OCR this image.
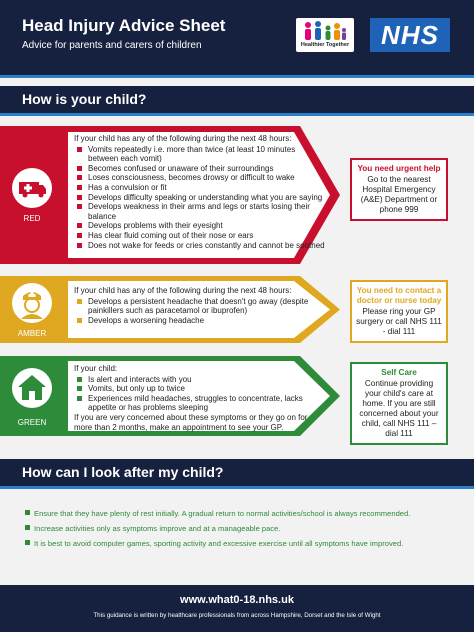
Head Injury Advice Sheet
Advice for parents and carers of children	Healthier Together	NHS
How is your child?
RED
If your child has any of the following during the next 48 hours:
Vomits repeatedly i.e. more than twice (at least 10 minutes between each vomit)
Becomes confused or unaware of their surroundings
Loses consciousness, becomes drowsy or difficult to wake
Has a convulsion or fit
Develops difficulty speaking or understanding what you are saying
Develops weakness in their arms and legs or starts losing their balance
Develops problems with their eyesight
Has clear fluid coming out of their nose or ears
Does not wake for feeds or cries constantly and cannot be soothed
You need urgent help
Go to the nearest Hospital Emergency (A&E) Department or phone 999
AMBER
If your child has any of the following during the next 48 hours:
Develops a persistent headache that doesn't go away (despite painkillers such as paracetamol or ibuprofen)
Develops a worsening headache
You need to contact a doctor or nurse today
Please ring your GP surgery or call NHS 111 - dial 111
GREEN
If your child:
Is alert and interacts with you
Vomits, but only up to twice
Experiences mild headaches, struggles to concentrate, lacks appetite or has problems sleeping
If you are very concerned about these symptoms or they go on for more than 2 months, make an appointment to see your GP.
Self Care
Continue providing your child's care at home. If you are still concerned about your child, call NHS 111 – dial 111
How can I look after my child?
Ensure that they have plenty of rest initially. A gradual return to normal activities/school is always recommended.
Increase activities only as symptoms improve and at a manageable pace.
It is best to avoid computer games, sporting activity and excessive exercise until all symptoms have improved.
www.what0-18.nhs.uk
This guidance is written by healthcare professionals from across Hampshire, Dorset and the Isle of Wight
